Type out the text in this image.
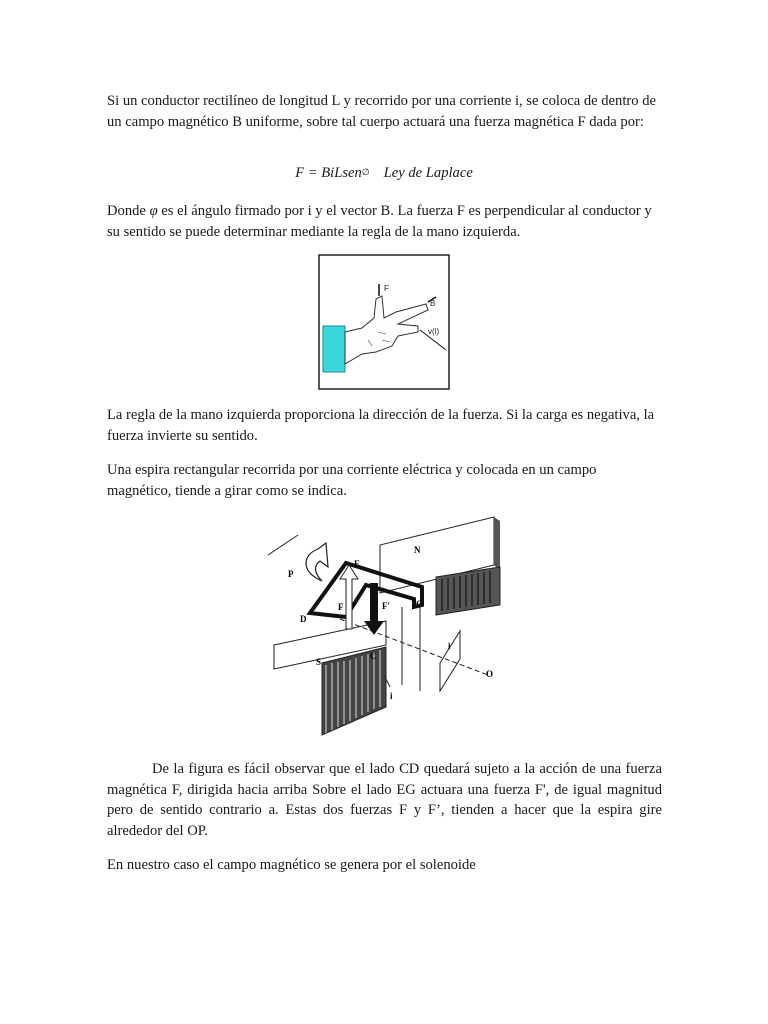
Si un conductor rectilíneo de longitud L y recorrido por una corriente i, se coloca de dentro de un campo magnético B uniforme, sobre tal cuerpo actuará una fuerza magnética F dada por:

F = BiLsen∅ Ley de Laplace

Donde φ es el ángulo firmado por i y el vector B. La fuerza F es perpendicular al conductor y su sentido se puede determinar mediante la regla de la mano izquierda.

F
B
v(i)

La regla de la mano izquierda proporciona la dirección de la fuerza. Si la carga es negativa, la fuerza invierte su sentido.

Una espira rectangular recorrida por una corriente eléctrica y colocada en un campo magnético, tiende a girar como se indica.

P
E
N
F	F'	G
D
C
S
i
O
i

De la figura es fácil observar que el lado CD quedará sujeto a la acción de una fuerza magnética F, dirigida hacia arriba Sobre el lado EG actuara una fuerza F', de igual magnitud pero de sentido contrario a. Estas dos fuerzas F y F’, tienden a hacer que la espira gire alrededor del OP.

En nuestro caso el campo magnético se genera por el solenoide
